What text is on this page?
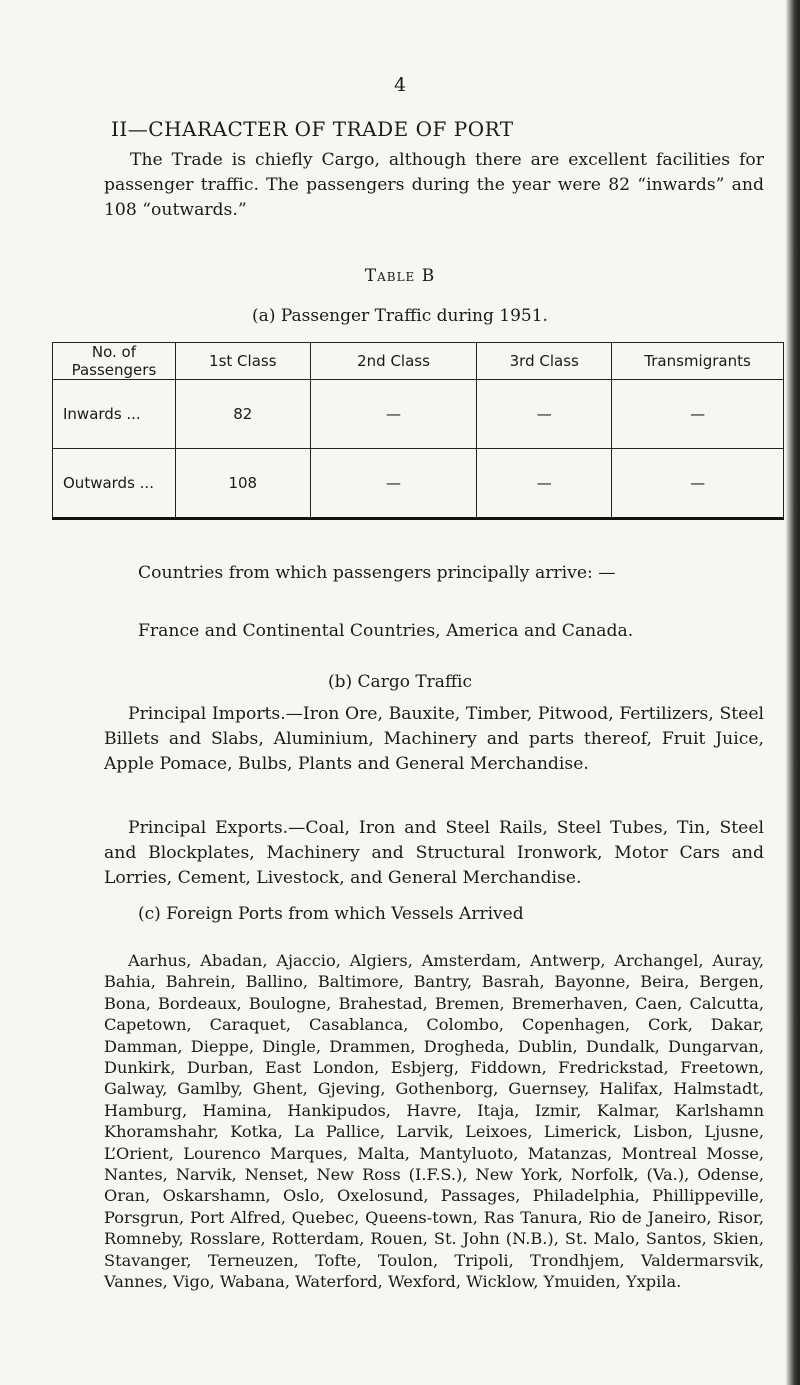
4
II—CHARACTER OF TRADE OF PORT

The Trade is chiefly Cargo, although there are excellent facilities for passenger traffic. The passengers during the year were 82 “inwards” and 108 “outwards.”

Table B
(a) Passenger Traffic during 1951.
No. of Passengers	1st Class	2nd Class	3rd Class	Transmigrants
Inwards ...	82	—	—	—
Outwards ...	108	—	—	—

Countries from which passengers principally arrive: —

France and Continental Countries, America and Canada.

(b) Cargo Traffic

Principal Imports.—Iron Ore, Bauxite, Timber, Pitwood, Fertilizers, Steel Billets and Slabs, Aluminium, Machinery and parts thereof, Fruit Juice, Apple Pomace, Bulbs, Plants and General Merchandise.

Principal Exports.—Coal, Iron and Steel Rails, Steel Tubes, Tin, Steel and Blockplates, Machinery and Structural Ironwork, Motor Cars and Lorries, Cement, Livestock, and General Merchandise.

(c) Foreign Ports from which Vessels Arrived

Aarhus, Abadan, Ajaccio, Algiers, Amsterdam, Antwerp, Archangel, Auray, Bahia, Bahrein, Ballino, Baltimore, Bantry, Basrah, Bayonne, Beira, Bergen, Bona, Bordeaux, Boulogne, Brahestad, Bremen, Bremerhaven, Caen, Calcutta, Capetown, Caraquet, Casablanca, Colombo, Copenhagen, Cork, Dakar, Damman, Dieppe, Dingle, Drammen, Drogheda, Dublin, Dundalk, Dungarvan, Dunkirk, Durban, East London, Esbjerg, Fiddown, Fredrickstad, Freetown, Galway, Gamlby, Ghent, Gjeving, Gothenborg, Guernsey, Halifax, Halmstadt, Hamburg, Hamina, Hankipudos, Havre, Itaja, Izmir, Kalmar, Karlshamn Khoramshahr, Kotka, La Pallice, Larvik, Leixoes, Limerick, Lisbon, Ljusne, L’Orient, Lourenco Marques, Malta, Mantyluoto, Matanzas, Montreal Mosse, Nantes, Narvik, Nenset, New Ross (I.F.S.), New York, Norfolk, (Va.), Odense, Oran, Oskarshamn, Oslo, Oxelosund, Passages, Philadelphia, Phillippeville, Porsgrun, Port Alfred, Quebec, Queens-town, Ras Tanura, Rio de Janeiro, Risor, Romneby, Rosslare, Rotterdam, Rouen, St. John (N.B.), St. Malo, Santos, Skien, Stavanger, Terneuzen, Tofte, Toulon, Tripoli, Trondhjem, Valdermarsvik, Vannes, Vigo, Wabana, Waterford, Wexford, Wicklow, Ymuiden, Yxpila.
